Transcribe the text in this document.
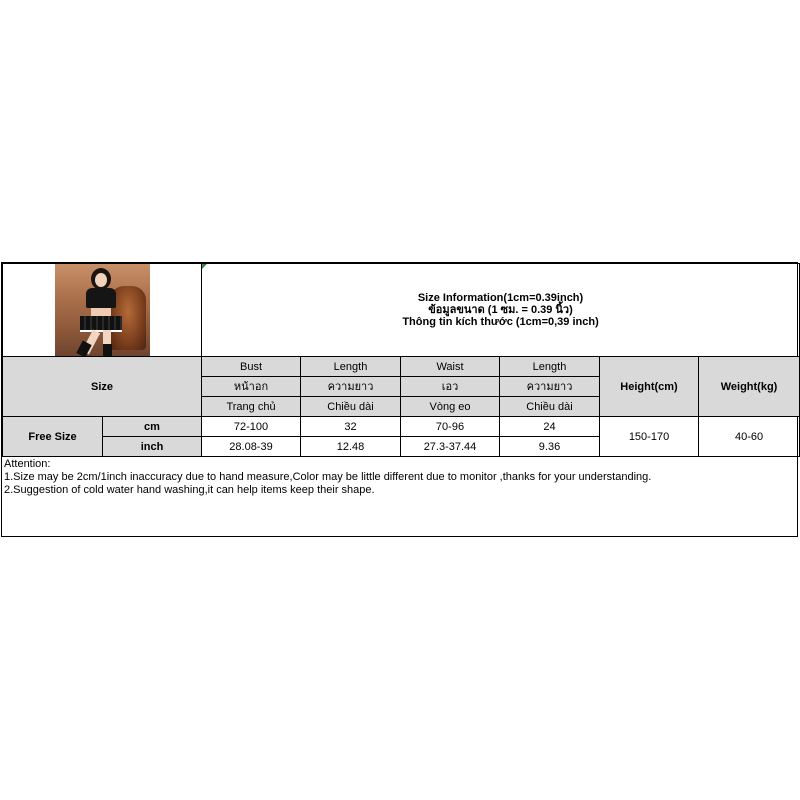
		Size Information(1cm=0.39inch)
ข้อมูลขนาด (1 ซม. = 0.39 นิ้ว)
Thông tin kích thước (1cm=0,39 inch)					

Size		Bust	Length	Waist	Length	Height(cm)	Weight(kg)
		หน้าอก	ความยาว	เอว	ความยาว		
		Trang chủ	Chiều dài	Vòng eo	Chiều dài		
Free Size	cm	72-100	32	70-96	24	150-170	40-60
	inch	28.08-39	12.48	27.3-37.44	9.36		
Attention:
1.Size may be 2cm/1inch inaccuracy due to hand measure,Color may be little different due to monitor ,thanks for your understanding.
2.Suggestion of cold water hand washing,it can help items keep their shape.
